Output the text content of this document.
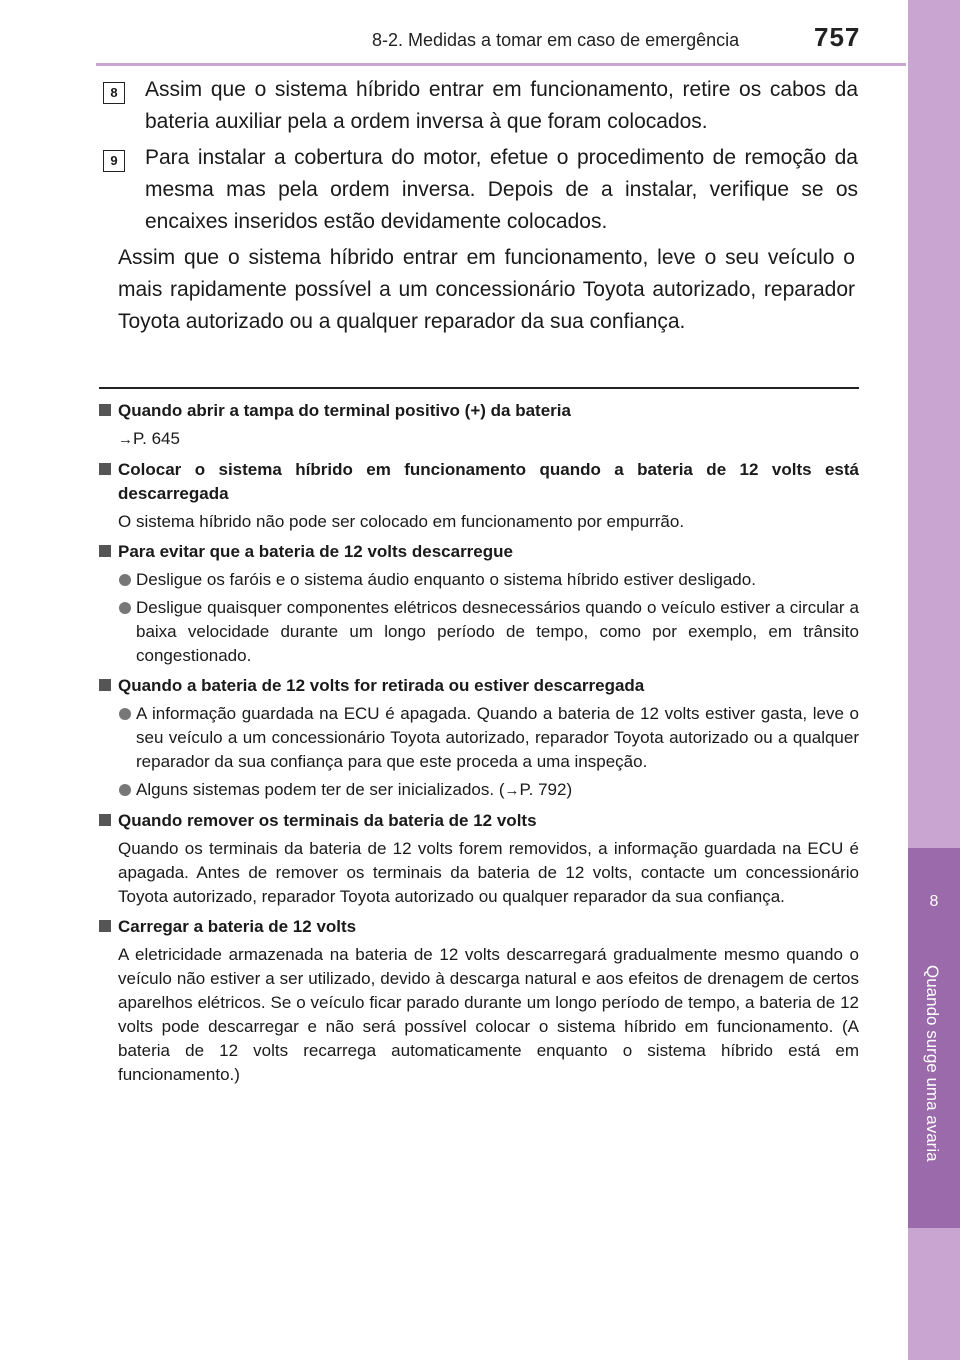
8-2. Medidas a tomar em caso de emergência	757
8
Quando surge uma avaria
8	Assim que o sistema híbrido entrar em funcionamento, retire os cabos da bateria auxiliar pela a ordem inversa à que foram colocados.
9	Para instalar a cobertura do motor, efetue o procedimento de remoção da mesma mas pela ordem inversa. Depois de a instalar, verifique se os encaixes inseridos estão devidamente colocados.
Assim que o sistema híbrido entrar em funcionamento, leve o seu veículo o mais rapidamente possível a um concessionário Toyota autorizado, reparador Toyota autorizado ou a qualquer reparador da sua confiança.
Quando abrir a tampa do terminal positivo (+) da bateria
→P. 645
Colocar o sistema híbrido em funcionamento quando a bateria de 12 volts está descarregada
O sistema híbrido não pode ser colocado em funcionamento por empurrão.
Para evitar que a bateria de 12 volts descarregue
Desligue os faróis e o sistema áudio enquanto o sistema híbrido estiver desligado.
Desligue quaisquer componentes elétricos desnecessários quando o veículo estiver a circular a baixa velocidade durante um longo período de tempo, como por exemplo, em trânsito congestionado.
Quando a bateria de 12 volts for retirada ou estiver descarregada
A informação guardada na ECU é apagada. Quando a bateria de 12 volts estiver gasta, leve o seu veículo a um concessionário Toyota autorizado, reparador Toyota autorizado ou a qualquer reparador da sua confiança para que este proceda a uma inspeção.
Alguns sistemas podem ter de ser inicializados. (→P. 792)
Quando remover os terminais da bateria de 12 volts
Quando os terminais da bateria de 12 volts forem removidos, a informação guardada na ECU é apagada. Antes de remover os terminais da bateria de 12 volts, contacte um concessionário Toyota autorizado, reparador Toyota autorizado ou qualquer reparador da sua confiança.
Carregar a bateria de 12 volts
A eletricidade armazenada na bateria de 12 volts descarregará gradualmente mesmo quando o veículo não estiver a ser utilizado, devido à descarga natural e aos efeitos de drenagem de certos aparelhos elétricos. Se o veículo ficar parado durante um longo período de tempo, a bateria de 12 volts pode descarregar e não será possível colocar o sistema híbrido em funcionamento. (A bateria de 12 volts recarrega automaticamente enquanto o sistema híbrido está em funcionamento.)
